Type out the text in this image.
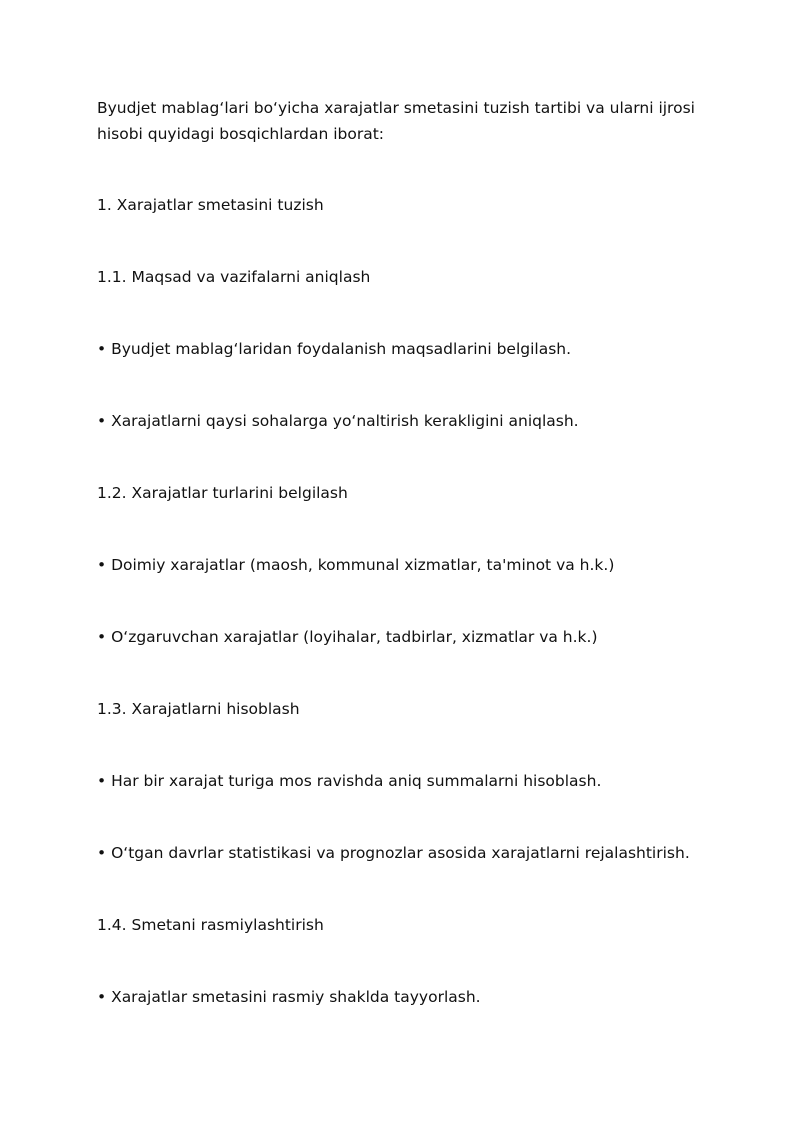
Byudjet mablag‘lari bo‘yicha xarajatlar smetasini tuzish tartibi va ularni ijrosi
hisobi quyidagi bosqichlardan iborat:

1. Xarajatlar smetasini tuzish

1.1. Maqsad va vazifalarni aniqlash

• Byudjet mablag‘laridan foydalanish maqsadlarini belgilash.

• Xarajatlarni qaysi sohalarga yo‘naltirish kerakligini aniqlash.

1.2. Xarajatlar turlarini belgilash

• Doimiy xarajatlar (maosh, kommunal xizmatlar, ta'minot va h.k.)

• O‘zgaruvchan xarajatlar (loyihalar, tadbirlar, xizmatlar va h.k.)

1.3. Xarajatlarni hisoblash

• Har bir xarajat turiga mos ravishda aniq summalarni hisoblash.

• O‘tgan davrlar statistikasi va prognozlar asosida xarajatlarni rejalashtirish.

1.4. Smetani rasmiylashtirish

• Xarajatlar smetasini rasmiy shaklda tayyorlash.
